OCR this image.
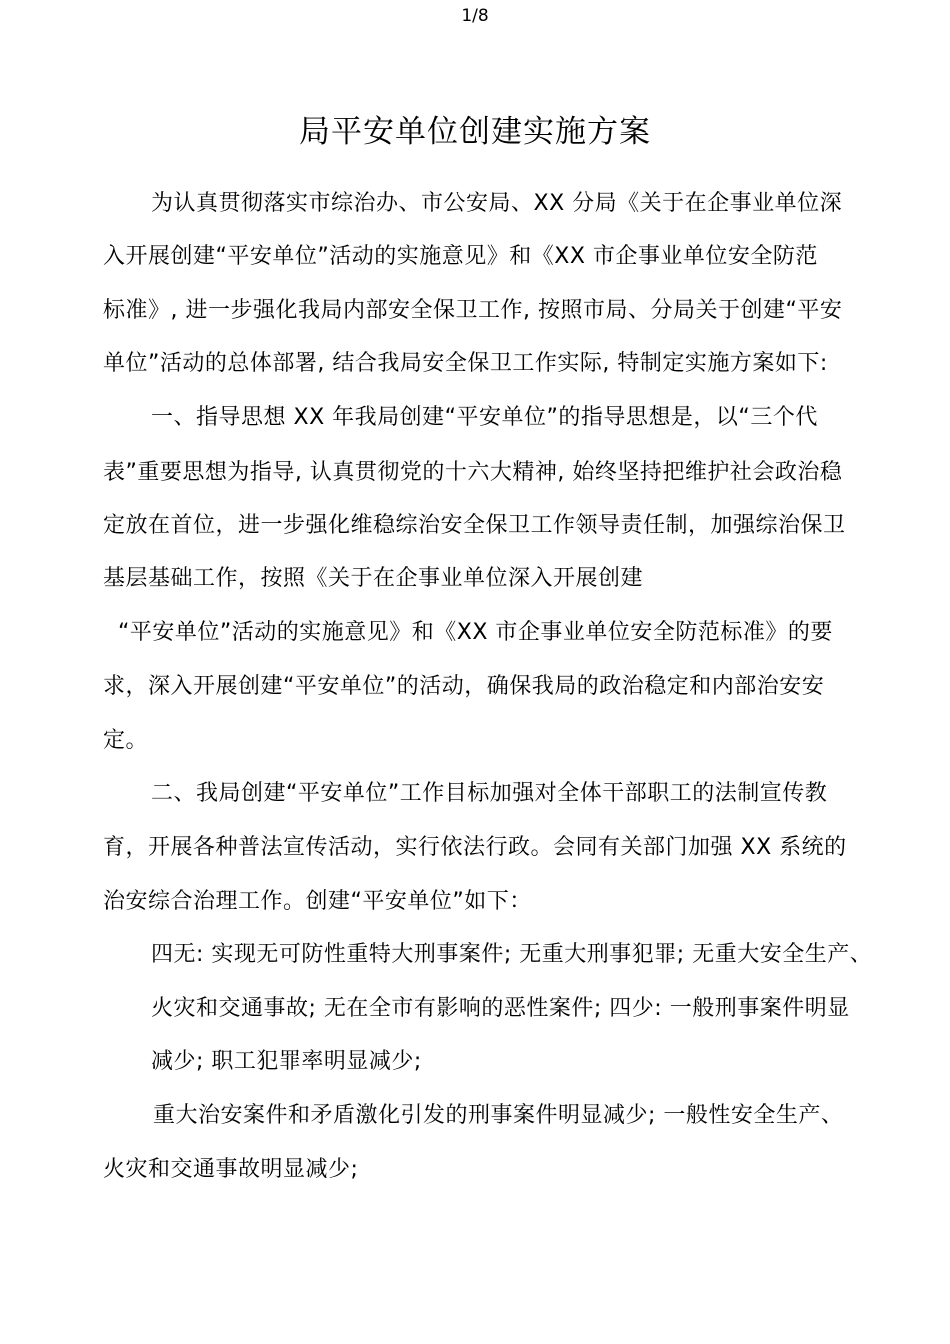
1/8
局平安单位创建实施方案
为认真贯彻落实市综治办、市公安局、XX 分局《关于在企事业单位深
入开展创建“平安单位”活动的实施意见》和《XX 市企事业单位安全防范
标准》, 进一步强化我局内部安全保卫工作, 按照市局、分局关于创建“平安
单位”活动的总体部署, 结合我局安全保卫工作实际, 特制定实施方案如下:
一、指导思想 XX 年我局创建“平安单位”的指导思想是，以“三个代
表”重要思想为指导, 认真贯彻党的十六大精神, 始终坚持把维护社会政治稳
定放在首位，进一步强化维稳综治安全保卫工作领导责任制，加强综治保卫
基层基础工作，按照《关于在企事业单位深入开展创建
“平安单位”活动的实施意见》和《XX 市企事业单位安全防范标准》的要
求，深入开展创建“平安单位”的活动，确保我局的政治稳定和内部治安安
定。
二、我局创建“平安单位”工作目标加强对全体干部职工的法制宣传教
育，开展各种普法宣传活动，实行依法行政。会同有关部门加强 XX 系统的
治安综合治理工作。创建“平安单位”如下：
四无: 实现无可防性重特大刑事案件; 无重大刑事犯罪; 无重大安全生产、
火灾和交通事故; 无在全市有影响的恶性案件; 四少: 一般刑事案件明显
减少; 职工犯罪率明显减少;
重大治安案件和矛盾激化引发的刑事案件明显减少; 一般性安全生产、
火灾和交通事故明显减少;
